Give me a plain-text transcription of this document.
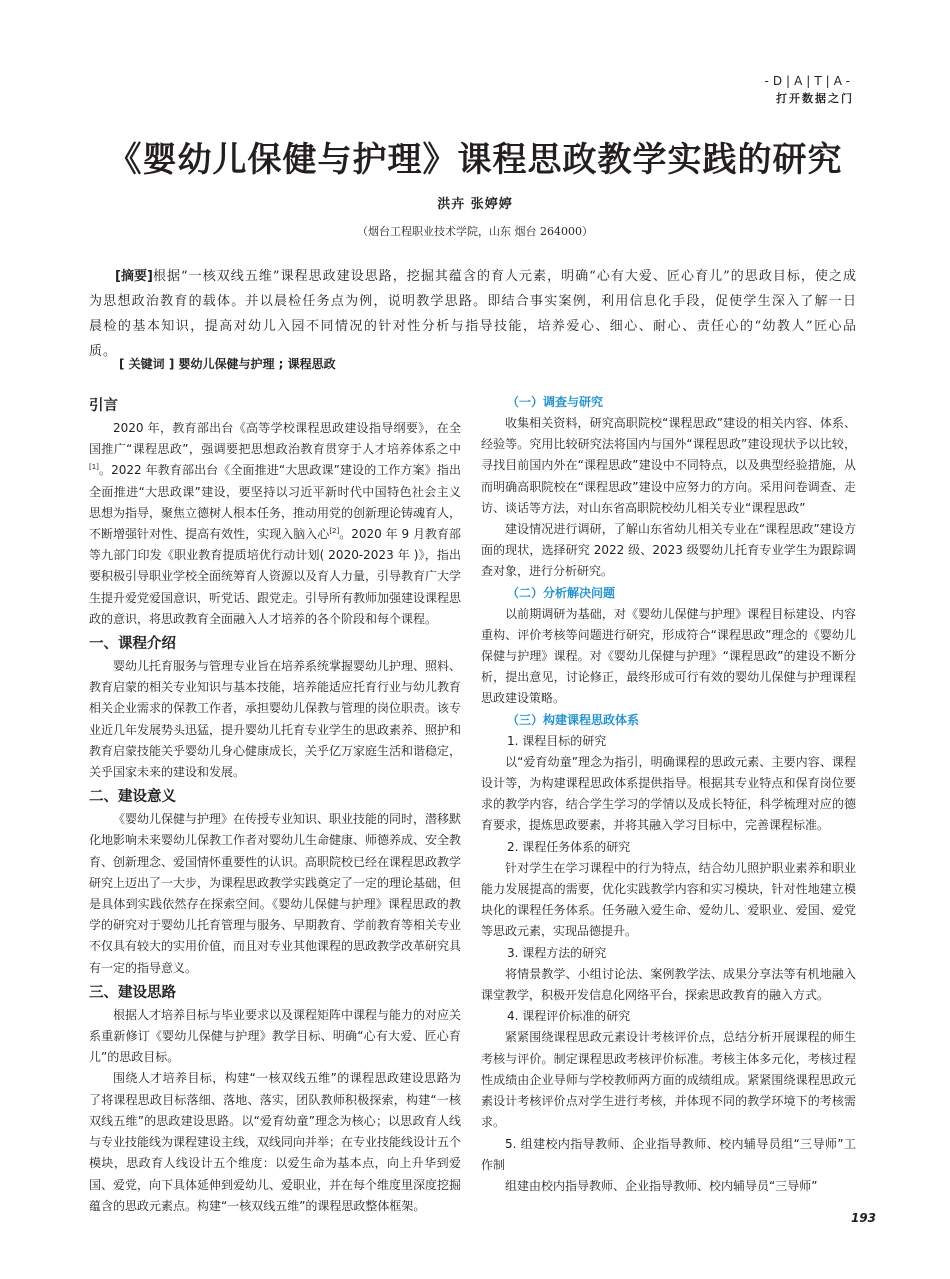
-D|A|T|A-
打开数据之门
《婴幼儿保健与护理》课程思政教学实践的研究
洪卉 张婷婷
（烟台工程职业技术学院，山东 烟台 264000）
[摘要]根据“一核双线五维”课程思政建设思路，挖掘其蕴含的育人元素，明确“心有大爱、匠心育儿”的思政目标，使之成为思想政治教育的载体。并以晨检任务点为例，说明教学思路。即结合事实案例，利用信息化手段，促使学生深入了解一日晨检的基本知识，提高对幼儿入园不同情况的针对性分析与指导技能，培养爱心、细心、耐心、责任心的“幼教人”匠心品质。
[ 关键词 ] 婴幼儿保健与护理 ; 课程思政
引言

2020 年，教育部出台《高等学校课程思政建设指导纲要》，在全国推广“课程思政”，强调要把思想政治教育贯穿于人才培养体系之中[1]。2022 年教育部出台《全面推进“大思政课”建设的工作方案》指出全面推进“大思政课”建设，要坚持以习近平新时代中国特色社会主义思想为指导，聚焦立德树人根本任务，推动用党的创新理论铸魂育人，不断增强针对性、提高有效性，实现入脑入心[2]。2020 年 9 月教育部等九部门印发《职业教育提质培优行动计划( 2020-2023 年 )》，指出要积极引导职业学校全面统筹育人资源以及育人力量，引导教育广大学生提升爱党爱国意识，听党话、跟党走。引导所有教师加强建设课程思政的意识，将思政教育全面融入人才培养的各个阶段和每个课程。

一、课程介绍

婴幼儿托育服务与管理专业旨在培养系统掌握婴幼儿护理、照料、教育启蒙的相关专业知识与基本技能，培养能适应托育行业与幼儿教育相关企业需求的保教工作者，承担婴幼儿保教与管理的岗位职责。该专业近几年发展势头迅猛，提升婴幼儿托育专业学生的思政素养、照护和教育启蒙技能关乎婴幼儿身心健康成长，关乎亿万家庭生活和谐稳定，关乎国家未来的建设和发展。

二、建设意义

《婴幼儿保健与护理》在传授专业知识、职业技能的同时，潜移默化地影响未来婴幼儿保教工作者对婴幼儿生命健康、师德养成、安全教育、创新理念、爱国情怀重要性的认识。高职院校已经在课程思政教学研究上迈出了一大步，为课程思政教学实践奠定了一定的理论基础，但是具体到实践依然存在探索空间。《婴幼儿保健与护理》课程思政的教学的研究对于婴幼儿托育管理与服务、早期教育、学前教育等相关专业不仅具有较大的实用价值，而且对专业其他课程的思政教学改革研究具有一定的指导意义。

三、建设思路

根据人才培养目标与毕业要求以及课程矩阵中课程与能力的对应关系重新修订《婴幼儿保健与护理》教学目标、明确“心有大爱、匠心育儿”的思政目标。

围绕人才培养目标，构建“一核双线五维”的课程思政建设思路为了将课程思政目标落细、落地、落实，团队教师积极探索，构建“一核双线五维”的思政建设思路。以“爱育幼童”理念为核心；以思政育人线与专业技能线为课程建设主线，双线同向并举；在专业技能线设计五个模块，思政育人线设计五个维度：以爱生命为基本点，向上升华到爱国、爱党，向下具体延伸到爱幼儿、爱职业，并在每个维度里深度挖掘蕴含的思政元素点。构建“一核双线五维”的课程思政整体框架。

（一）调查与研究

收集相关资料，研究高职院校“课程思政”建设的相关内容、体系、经验等。究用比较研究法将国内与国外“课程思政”建设现状予以比较，寻找目前国内外在“课程思政”建设中不同特点，以及典型经验措施，从而明确高职院校在“课程思政”建设中应努力的方向。采用问卷调查、走访、谈话等方法，对山东省高职院校幼儿相关专业“课程思政”

建设情况进行调研，了解山东省幼儿相关专业在“课程思政”建设方面的现状，选择研究 2022 级、2023 级婴幼儿托育专业学生为跟踪调查对象，进行分析研究。

（二）分析解决问题

以前期调研为基础，对《婴幼儿保健与护理》课程目标建设、内容重构、评价考核等问题进行研究，形成符合“课程思政”理念的《婴幼儿保健与护理》课程。对《婴幼儿保健与护理》“课程思政”的建设不断分析，提出意见，讨论修正，最终形成可行有效的婴幼儿保健与护理课程思政建设策略。

（三）构建课程思政体系

1. 课程目标的研究

以“爱育幼童”理念为指引，明确课程的思政元素、主要内容、课程设计等，为构建课程思政体系提供指导。根据其专业特点和保育岗位要求的教学内容，结合学生学习的学情以及成长特征，科学梳理对应的德育要求，提炼思政要素，并将其融入学习目标中，完善课程标准。

2. 课程任务体系的研究

针对学生在学习课程中的行为特点，结合幼儿照护职业素养和职业能力发展提高的需要，优化实践教学内容和实习模块，针对性地建立模块化的课程任务体系。任务融入爱生命、爱幼儿、爱职业、爱国、爱党等思政元素，实现品德提升。

3. 课程方法的研究

将情景教学、小组讨论法、案例教学法、成果分享法等有机地融入课堂教学，积极开发信息化网络平台，探索思政教育的融入方式。

4. 课程评价标准的研究

紧紧围绕课程思政元素设计考核评价点，总结分析开展课程的师生考核与评价。制定课程思政考核评价标准。考核主体多元化，考核过程性成绩由企业导师与学校教师两方面的成绩组成。紧紧围绕课程思政元素设计考核评价点对学生进行考核，并体现不同的教学环境下的考核需求。

5. 组建校内指导教师、企业指导教师、校内辅导员组“三导师”工作制

组建由校内指导教师、企业指导教师、校内辅导员“三导师”

193
